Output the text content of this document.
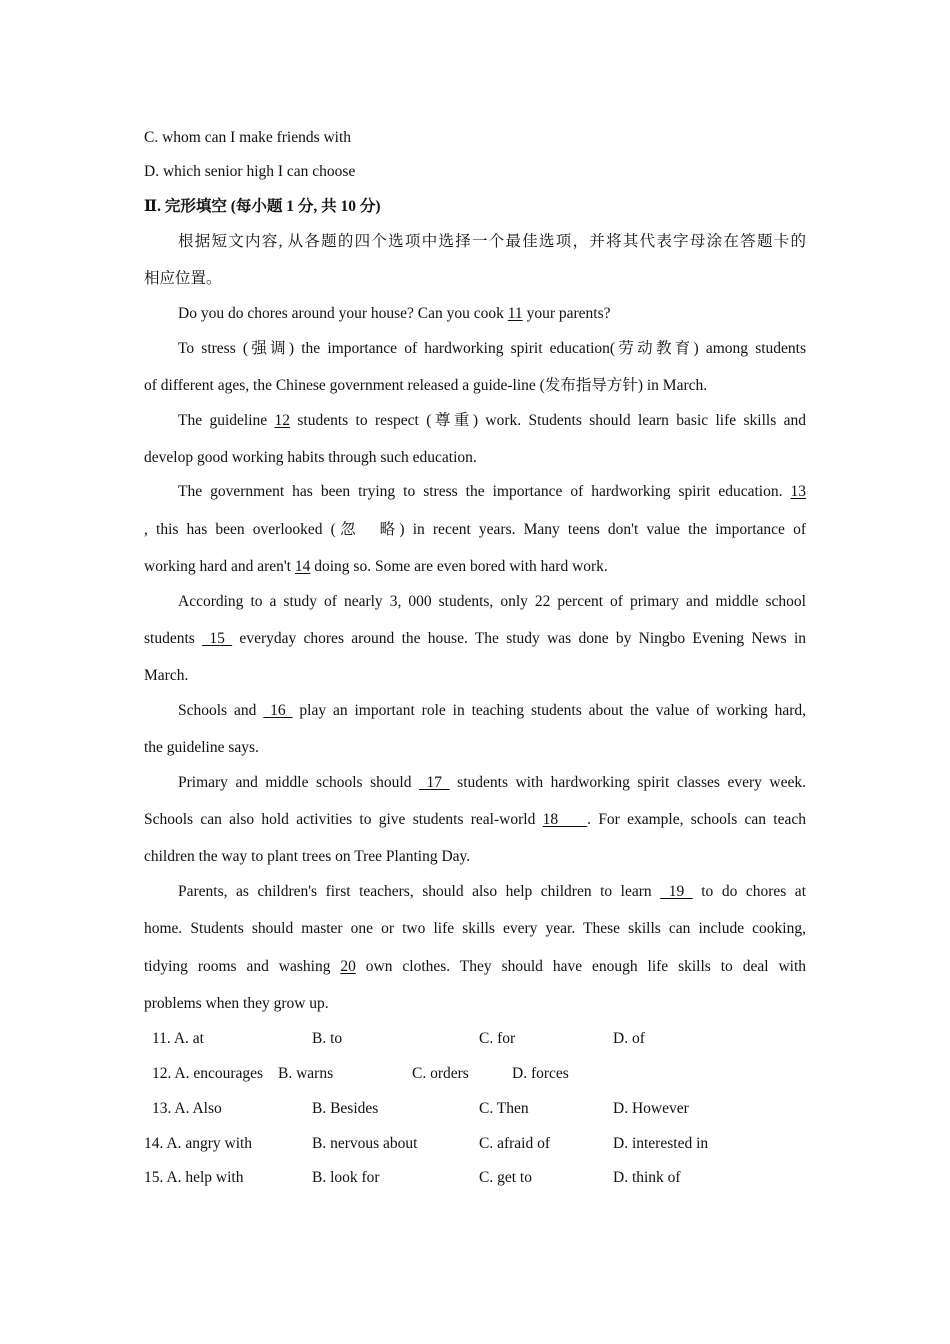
C. whom can I make friends with
D. which senior high I can choose
Ⅱ. 完形填空 (每小题 1 分, 共 10 分)
根据短文内容, 从各题的四个选项中选择一个最佳选项，并将其代表字母涂在答题卡的
相应位置。
Do you do chores around your house? Can you cook 11 your parents?
To stress (强调) the importance of hardworking spirit education(劳动教育) among students
of different ages, the Chinese government released a guide-line (发布指导方针) in March.
The guideline 12 students to respect (尊重) work. Students should learn basic life skills and
develop good working habits through such education.
The government has been trying to stress the importance of hardworking spirit education. 13
, this has been overlooked (忽　略) in recent years. Many teens don't value the importance of
working hard and aren't 14 doing so. Some are even bored with hard work.
According to a study of nearly 3, 000 students, only 22 percent of primary and middle school
students  15  everyday chores around the house. The study was done by Ningbo Evening News in
March.
Schools and  16  play an important role in teaching students about the value of working hard,
the guideline says.
Primary and middle schools should  17  students with hardworking spirit classes every week.
Schools can also hold activities to give students real-world 18    . For example, schools can teach
children the way to plant trees on Tree Planting Day.
Parents, as children's first teachers, should also help children to learn  19  to do chores at
home. Students should master one or two life skills every year. These skills can include cooking,
tidying rooms and washing 20 own clothes. They should have enough life skills to deal with
problems when they grow up.
11. A. at	B. to	C. for	D. of
12. A. encourages B. warns	C. orders	D. forces
13. A. Also	B. Besides	C. Then	D. However
14. A. angry with	B. nervous about	C. afraid of	D. interested in
15. A. help with	B. look for	C. get to	D. think of
